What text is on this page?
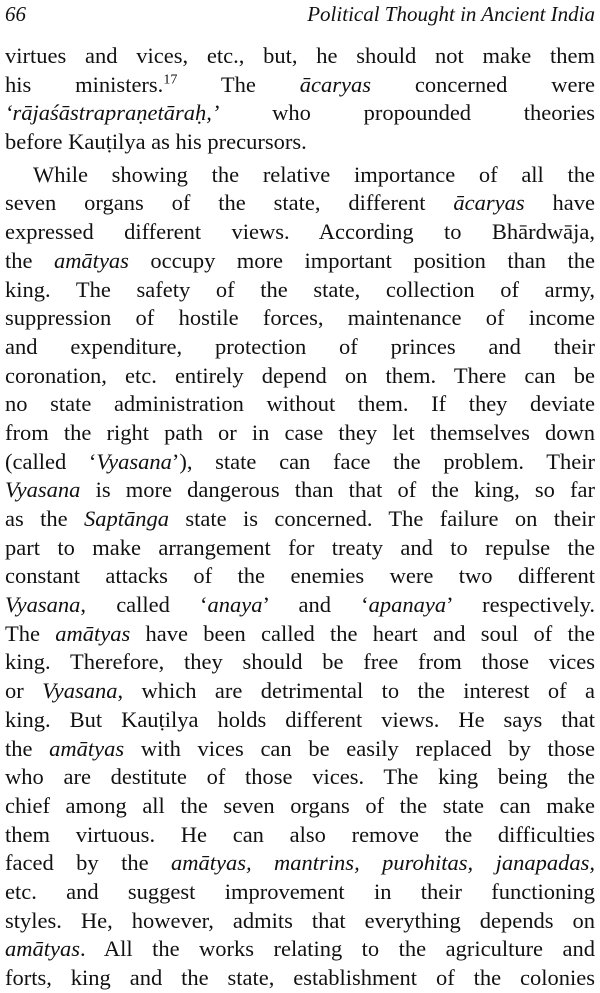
66	Political Thought in Ancient India
virtues and vices, etc., but, he should not make them
his ministers.$^{17}$ The ācaryas concerned were
‘rājaśāstrapraṇetāraḥ,’ who propounded theories
before Kauṭilya as his precursors.
While showing the relative importance of all the
seven organs of the state, different ācaryas have
expressed different views. According to Bhārdwāja,
the amātyas occupy more important position than the
king. The safety of the state, collection of army,
suppression of hostile forces, maintenance of income
and expenditure, protection of princes and their
coronation, etc. entirely depend on them. There can be
no state administration without them. If they deviate
from the right path or in case they let themselves down
(called ‘Vyasana’), state can face the problem. Their
Vyasana is more dangerous than that of the king, so far
as the Saptānga state is concerned. The failure on their
part to make arrangement for treaty and to repulse the
constant attacks of the enemies were two different
Vyasana, called ‘anaya’ and ‘apanaya’ respectively.
The amātyas have been called the heart and soul of the
king. Therefore, they should be free from those vices
or Vyasana, which are detrimental to the interest of a
king. But Kauṭilya holds different views. He says that
the amātyas with vices can be easily replaced by those
who are destitute of those vices. The king being the
chief among all the seven organs of the state can make
them virtuous. He can also remove the difficulties
faced by the amātyas, mantrins, purohitas, janapadas,
etc. and suggest improvement in their functioning
styles. He, however, admits that everything depends on
amātyas. All the works relating to the agriculture and
forts, king and the state, establishment of the colonies
